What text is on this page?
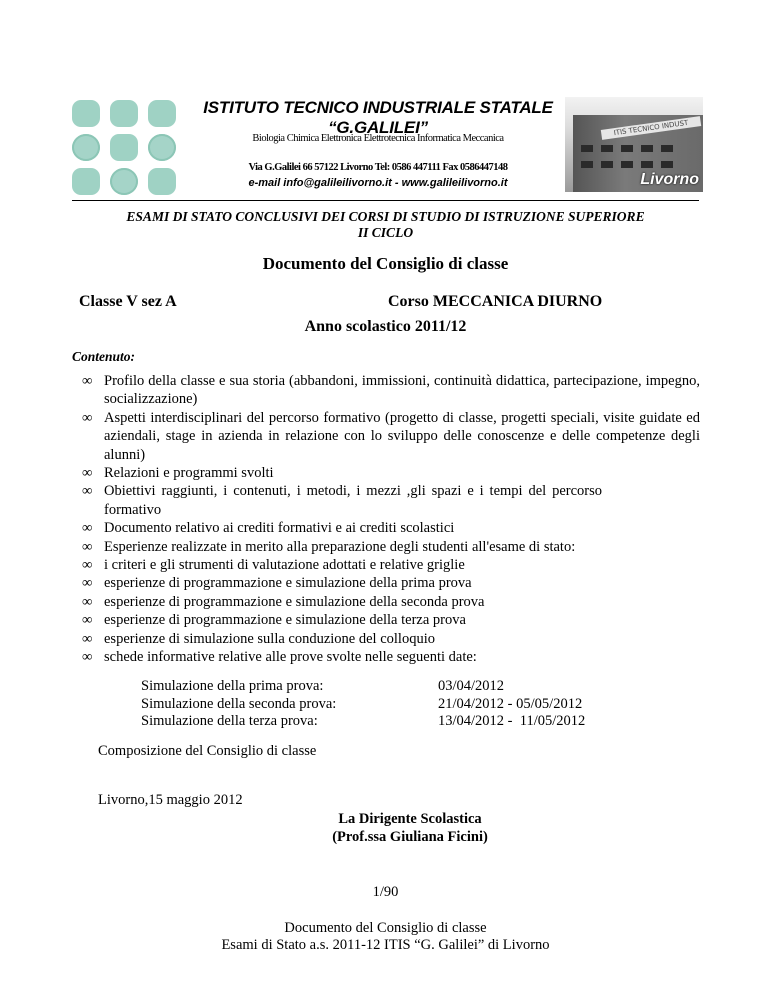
ISTITUTO TECNICO INDUSTRIALE STATALE
“G.GALILEI”
Biologia Chimica Elettronica Elettrotecnica Informatica Meccanica
Via G.Galilei 66 57122 Livorno Tel: 0586 447111 Fax 0586447148
e-mail info@galileilivorno.it - www.galileilivorno.it
ITIS TECNICO INDUST
Livorno
ESAMI DI STATO CONCLUSIVI DEI CORSI DI STUDIO DI ISTRUZIONE SUPERIORE
II CICLO
Documento del Consiglio di classe
Classe V sez A	Corso MECCANICA DIURNO
Anno scolastico 2011/12
Contenuto:
∞ Profilo della classe e sua storia (abbandoni, immissioni, continuità didattica, partecipazione, impegno, socializzazione)
∞ Aspetti interdisciplinari del percorso formativo (progetto di classe, progetti speciali, visite guidate ed aziendali, stage in azienda in relazione con lo sviluppo delle conoscenze e delle competenze degli alunni)
∞ Relazioni e programmi svolti
∞ Obiettivi raggiunti, i contenuti, i metodi, i mezzi ,gli spazi e i tempi del percorso formativo
∞ Documento relativo ai crediti formativi e ai crediti scolastici
∞ Esperienze realizzate in merito alla preparazione degli studenti all'esame di stato:
∞ i criteri e gli strumenti di valutazione adottati e relative griglie
∞ esperienze di programmazione e simulazione della prima prova
∞ esperienze di programmazione e simulazione della seconda prova
∞ esperienze di programmazione e simulazione della terza prova
∞ esperienze di simulazione sulla conduzione del colloquio
∞ schede informative relative alle prove svolte nelle seguenti date:
Simulazione della prima prova:
Simulazione della seconda prova:
Simulazione della terza prova:
03/04/2012
21/04/2012 - 05/05/2012
13/04/2012 -  11/05/2012
Composizione del Consiglio di classe
Livorno,15 maggio 2012
La Dirigente Scolastica
(Prof.ssa Giuliana Ficini)
1/90
Documento del Consiglio di classe
Esami di Stato a.s. 2011-12 ITIS “G. Galilei” di Livorno
